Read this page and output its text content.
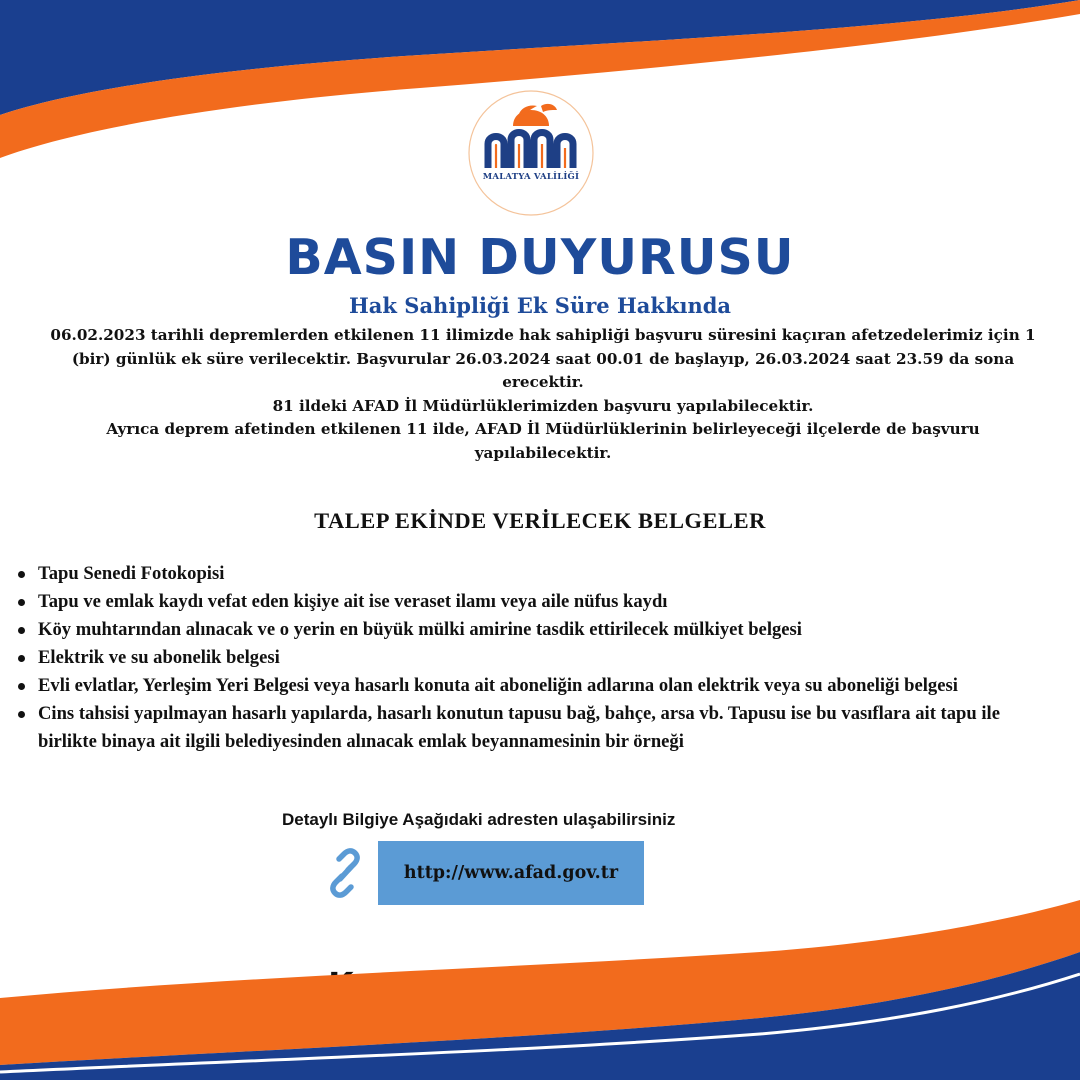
MALATYA VALİLİĞİ
BASIN DUYURUSU
Hak Sahipliği Ek Süre Hakkında

06.02.2023 tarihli depremlerden etkilenen 11 ilimizde hak sahipliği başvuru süresini kaçıran afetzedelerimiz için 1 (bir) günlük ek süre verilecektir. Başvurular 26.03.2024 saat 00.01 de başlayıp, 26.03.2024 saat 23.59 da sona erecektir.

81 ildeki AFAD İl Müdürlüklerimizden başvuru yapılabilecektir.

Ayrıca deprem afetinden etkilenen 11 ilde, AFAD İl Müdürlüklerinin belirleyeceği ilçelerde de başvuru yapılabilecektir.

TALEP EKİNDE VERİLECEK BELGELER
Tapu Senedi Fotokopisi
Tapu ve emlak kaydı vefat eden kişiye ait ise veraset ilamı veya aile nüfus kaydı
Köy muhtarından alınacak ve o yerin en büyük mülki amirine tasdik ettirilecek mülkiyet belgesi
Elektrik ve su abonelik belgesi
Evli evlatlar, Yerleşim Yeri Belgesi veya hasarlı konuta ait aboneliğin adlarına olan elektrik veya su aboneliği belgesi
Cins tahsisi yapılmayan hasarlı yapılarda, hasarlı konutun tapusu bağ, bahçe, arsa vb. Tapusu ise bu vasıflara ait tapu ile birlikte binaya ait ilgili belediyesinden alınacak emlak beyannamesinin bir örneği

Detaylı Bilgiye Aşağıdaki adresten ulaşabilirsiniz

http://www.afad.gov.tr
